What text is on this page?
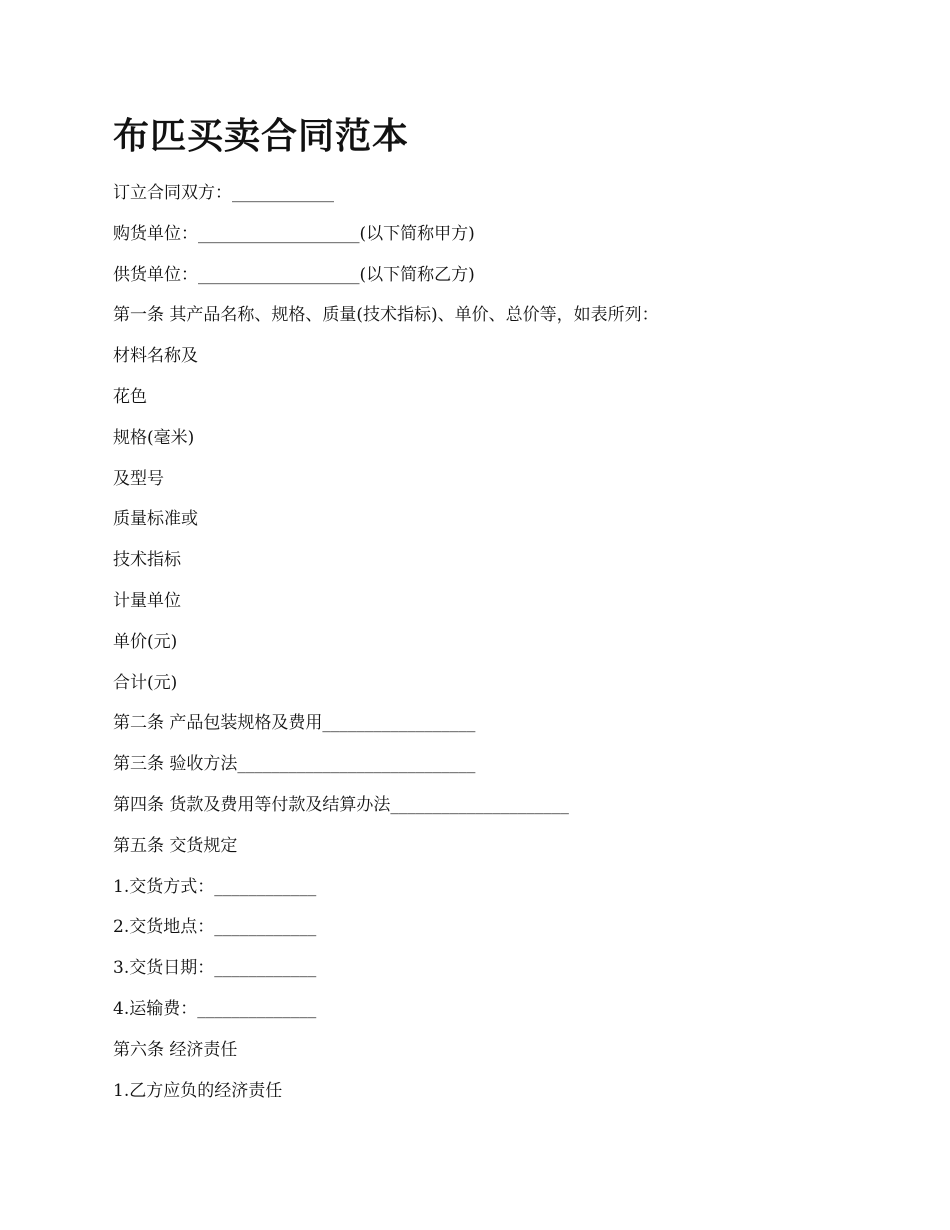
布匹买卖合同范本
订立合同双方：____________
购货单位：___________________(以下简称甲方)
供货单位：___________________(以下简称乙方)
第一条 其产品名称、规格、质量(技术指标)、单价、总价等，如表所列：
材料名称及
花色
规格(毫米)
及型号
质量标准或
技术指标
计量单位
单价(元)
合计(元)
第二条 产品包装规格及费用__________________
第三条 验收方法____________________________
第四条 货款及费用等付款及结算办法_____________________
第五条 交货规定
1.交货方式：____________
2.交货地点：____________
3.交货日期：____________
4.运输费：______________
第六条 经济责任
1.乙方应负的经济责任
